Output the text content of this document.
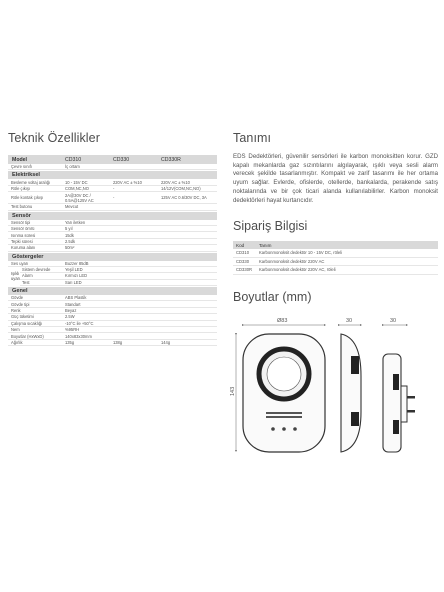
Teknik Özellikler
Model	CD310	CD330	CD330R
Çevre sınıfı	İç ortam
Elektriksel
Besleme voltaj aralığı	10 - 15V DC	220V AC ± %10	220V AC ± %10
Röle çıkışı	COM,NC,NO	-	14/12V(COM,NC,NO)
Röle kontak çıkışı	2A@30V DC / 0.5A@125V AC	-	125V AC 0.6/30V DC, 3A
Test butonu	Mevcut
Sensör
Sensör tipi	Yarı iletken
Sensör ömrü	5 yıl
Isınma süresi	15dk
Tepki süresi	2.5dk
Koruma alanı	50m²
Göstergeler
Ses uyarı	Buzzer 85dB
Işıklı uyarı
Sistem devrede	Yeşil LED
Alarm	Kırmızı LED
Test	Sarı LED
Genel
Gövde	ABS Plastik
Gövde tipi	Standart
Renk	Beyaz
Güç tüketimi	2.5W
Çalışma sıcaklığı	-10°C ile +50°C
Nem	%95RH
Boyutlar (HxWxD)	140x83x30mm
Ağırlık	135g	138g	144g
Tanımı

EDS Dedektörleri, güvenilir sensörleri ile karbon monoksitten korur. GZD kapalı mekanlarda gaz sızıntılarını algılayarak, ışıklı veya sesli alarm verecek şekilde tasarlanmıştır. Kompakt ve zarif tasarımı ile her ortama uyum sağlar. Evlerde, ofislerde, otellerde, bankalarda, perakende satış noktalarında ve bir çok ticari alanda kullanılabilirler. Karbon monoksit dedektörleri hayat kurtarıcıdır.

Sipariş Bilgisi
Kod	Tanım
CD310	Karbonmonoksit dedektör 10 - 15V DC, röleli
CD330	Karbonmonoksit dedektör 220V AC
CD330R	Karbonmonoksit dedektör 220V AC, röleli
Boyutlar (mm)
Ø83	30	30
143
